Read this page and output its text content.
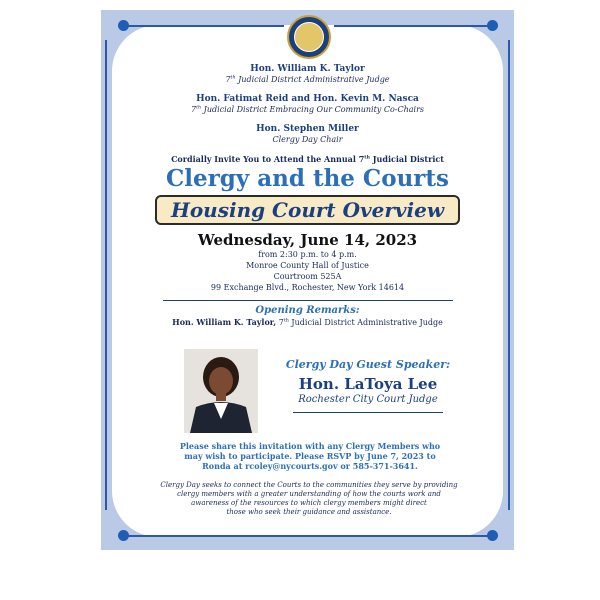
Hon. William K. Taylor
7th Judicial District Administrative Judge
Hon. Fatimat Reid and Hon. Kevin M. Nasca
7th Judicial District Embracing Our Community Co-Chairs
Hon. Stephen Miller
Clergy Day Chair
Cordially Invite You to Attend the Annual 7th Judicial District
Clergy and the Courts
Housing Court Overview
Wednesday, June 14, 2023
from 2:30 p.m. to 4 p.m.
Monroe County Hall of Justice
Courtroom 525A
99 Exchange Blvd., Rochester, New York 14614
Opening Remarks:
Hon. William K. Taylor, 7th Judicial District Administrative Judge
Clergy Day Guest Speaker:
Hon. LaToya Lee
Rochester City Court Judge
Please share this invitation with any Clergy Members who
may wish to participate. Please RSVP by June 7, 2023 to
Ronda at rcoley@nycourts.gov or 585-371-3641.
Clergy Day seeks to connect the Courts to the communities they serve by providing
clergy members with a greater understanding of how the courts work and
awareness of the resources to which clergy members might direct
those who seek their guidance and assistance.
